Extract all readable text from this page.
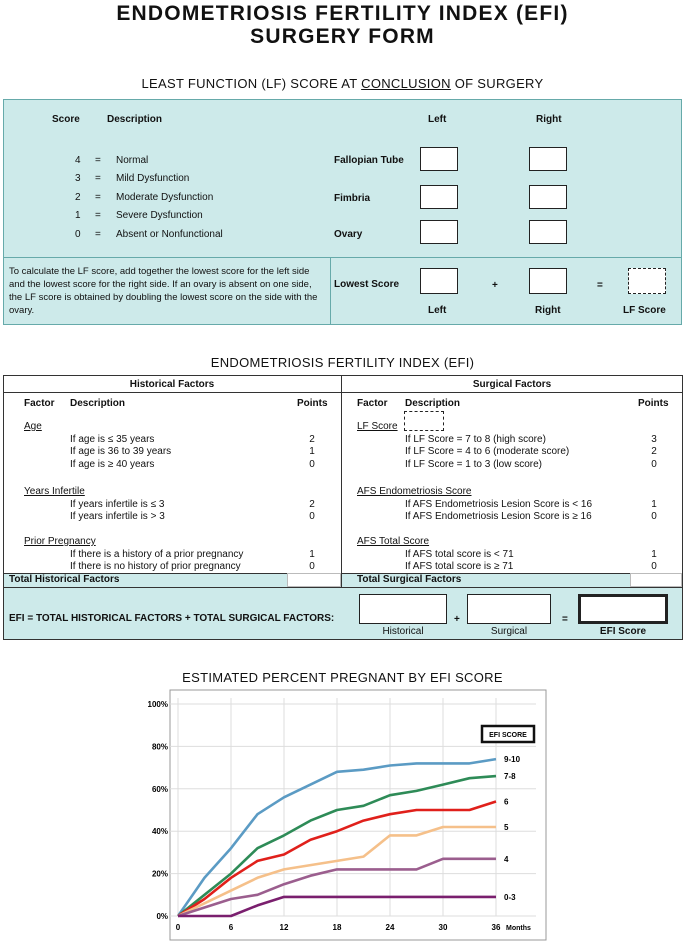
ENDOMETRIOSIS FERTILITY INDEX (EFI)
SURGERY FORM
LEAST FUNCTION (LF) SCORE AT CONCLUSION OF SURGERY
Score	Description	Left	Right
4 = Normal
3 = Mild Dysfunction
2 = Moderate Dysfunction
1 = Severe Dysfunction
0 = Absent or Nonfunctional
Fallopian Tube
Fimbria
Ovary
To calculate the LF score, add together the lowest score for the left side and the lowest score for the right side. If an ovary is absent on one side, the LF score is obtained by doubling the lowest score on the side with the ovary.
Lowest Score	+	=
Left	Right	LF Score
ENDOMETRIOSIS FERTILITY INDEX (EFI)
Historical Factors	Surgical Factors
Factor Description	Points	Factor Description	Points
Age
If age is ≤ 35 years	2
If age is 36 to 39 years	1
If age is ≥ 40 years	0
Years Infertile
If years infertile is ≤ 3	2
If years infertile is > 3	0
Prior Pregnancy
If there is a history of a prior pregnancy	1
If there is no history of prior pregnancy	0
LF Score
If LF Score = 7 to 8 (high score)	3
If LF Score = 4 to 6 (moderate score)	2
If LF Score = 1 to 3 (low score)	0
AFS Endometriosis Score
If AFS Endometriosis Lesion Score is < 16	1
If AFS Endometriosis Lesion Score is ≥ 16	0
AFS Total Score
If AFS total score is < 71	1
If AFS total score is ≥ 71	0
Total Historical Factors	Total Surgical Factors
EFI = TOTAL HISTORICAL FACTORS + TOTAL SURGICAL FACTORS:	+	=
Historical	Surgical	EFI Score
ESTIMATED PERCENT PREGNANT BY EFI SCORE
0	6	12	18	24	30	36
0%
20%
40%
60%
80%
100%
Months
EFI SCORE
9-10
7-8
6
5
4
0-3
